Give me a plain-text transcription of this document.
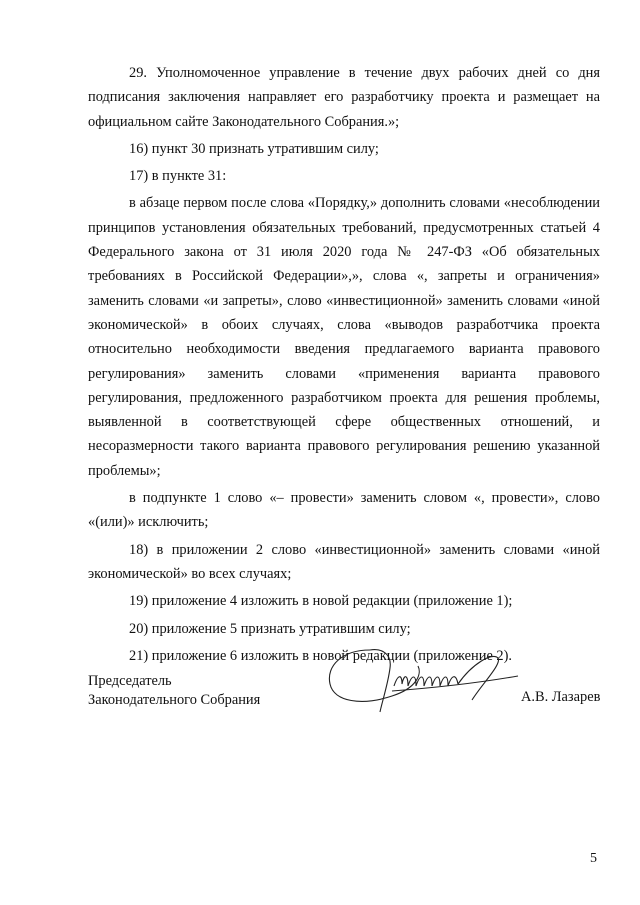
29. Уполномоченное управление в течение двух рабочих дней со дня подписания заключения направляет его разработчику проекта и размещает на официальном сайте Законодательного Собрания.»;

16) пункт 30 признать утратившим силу;

17) в пункте 31:

в абзаце первом после слова «Порядку,» дополнить словами «несоблюдении принципов установления обязательных требований, предусмотренных статьей 4 Федерального закона от 31 июля 2020 года № 247-ФЗ «Об обязательных требованиях в Российской Федерации»,», слова «, запреты и ограничения» заменить словами «и запреты», слово «инвестиционной» заменить словами «иной экономической» в обоих случаях, слова «выводов разработчика проекта относительно необходимости введения предлагаемого варианта правового регулирования» заменить словами «применения варианта правового регулирования, предложенного разработчиком проекта для решения проблемы, выявленной в соответствующей сфере общественных отношений, и несоразмерности такого варианта правового регулирования решению указанной проблемы»;

в подпункте 1 слово «– провести» заменить словом «, провести», слово «(или)» исключить;

18) в приложении 2 слово «инвестиционной» заменить словами «иной экономической» во всех случаях;

19) приложение 4 изложить в новой редакции (приложение 1);

20) приложение 5 признать утратившим силу;

21) приложение 6 изложить в новой редакции (приложение 2).

Председатель
Законодательного Собрания	А.В. Лазарев
5
